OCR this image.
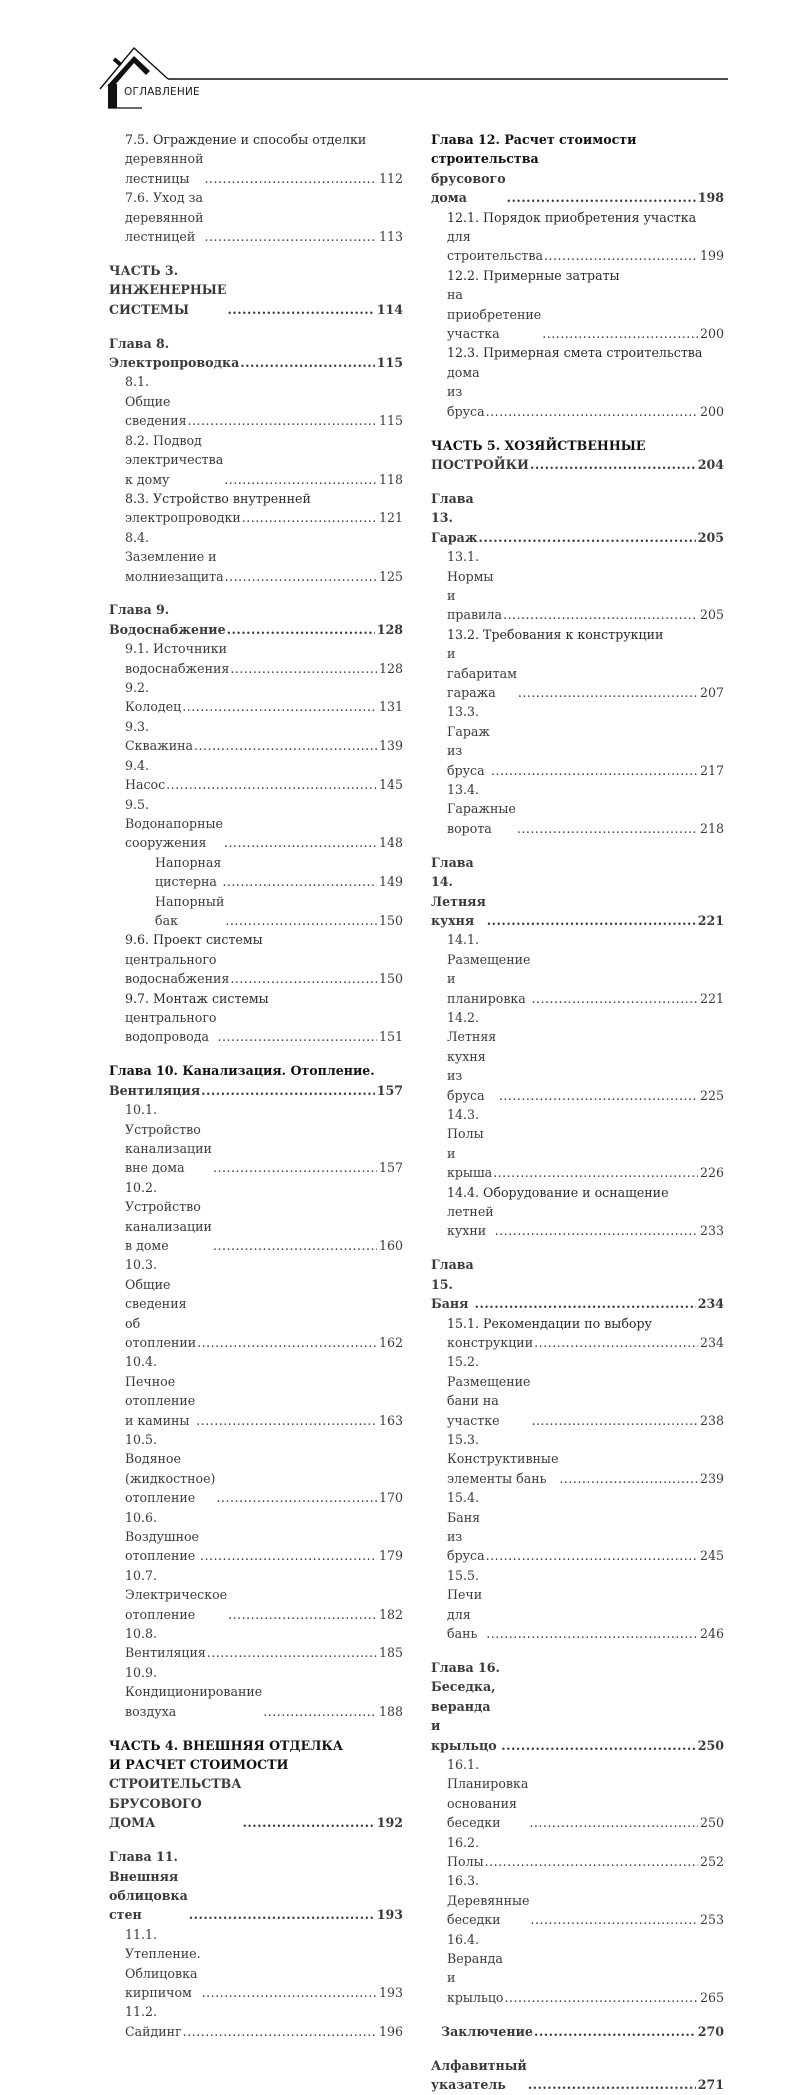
ОГЛАВЛЕНИЕ
7.5. Ограждение и способы отделки
деревянной лестницы .....	112
7.6. Уход за деревянной лестницей .....	113
ЧАСТЬ 3. ИНЖЕНЕРНЫЕ СИСТЕМЫ .....	114
Глава 8. Электропроводка .....	115
8.1. Общие сведения .....	115
8.2. Подвод электричества к дому .....	118
8.3. Устройство внутренней
электропроводки .....	121
8.4. Заземление и молниезащита .....	125
Глава 9. Водоснабжение .....	128
9.1. Источники водоснабжения .....	128
9.2. Колодец .....	131
9.3. Скважина .....	139
9.4. Насос .....	145
9.5. Водонапорные сооружения .....	148
Напорная цистерна .....	149
Напорный бак .....	150
9.6. Проект системы
центрального водоснабжения .....	150
9.7. Монтаж системы
центрального водопровода .....	151
Глава 10. Канализация. Отопление.
Вентиляция .....	157
10.1. Устройство канализации вне дома .....	157
10.2. Устройство канализации в доме .....	160
10.3. Общие сведения об отоплении .....	162
10.4. Печное отопление и камины .....	163
10.5. Водяное (жидкостное) отопление .....	170
10.6. Воздушное отопление .....	179
10.7. Электрическое отопление .....	182
10.8. Вентиляция .....	185
10.9. Кондиционирование воздуха .....	188
ЧАСТЬ 4. ВНЕШНЯЯ ОТДЕЛКА
И РАСЧЕТ СТОИМОСТИ
СТРОИТЕЛЬСТВА БРУСОВОГО ДОМА .....	192
Глава 11. Внешняя облицовка стен .....	193
11.1. Утепление. Облицовка кирпичом .....	193
11.2. Сайдинг .....	196
Глава 12. Расчет стоимости строительства
брусового дома .....	198
12.1. Порядок приобретения участка
для строительства .....	199
12.2. Примерные затраты
на приобретение участка .....	200
12.3. Примерная смета строительства
дома из бруса .....	200
ЧАСТЬ 5. ХОЗЯЙСТВЕННЫЕ
ПОСТРОЙКИ .....	204
Глава 13. Гараж .....	205
13.1. Нормы и правила .....	205
13.2. Требования к конструкции
и габаритам гаража .....	207
13.3. Гараж из бруса .....	217
13.4. Гаражные ворота .....	218
Глава 14. Летняя кухня .....	221
14.1. Размещение и планировка .....	221
14.2. Летняя кухня из бруса .....	225
14.3. Полы и крыша .....	226
14.4. Оборудование и оснащение
летней кухни .....	233
Глава 15. Баня .....	234
15.1. Рекомендации по выбору
конструкции .....	234
15.2. Размещение бани на участке .....	238
15.3. Конструктивные элементы бань .....	239
15.4. Баня из бруса .....	245
15.5. Печи для бань .....	246
Глава 16. Беседка, веранда и крыльцо .....	250
16.1. Планировка основания беседки .....	250
16.2. Полы .....	252
16.3. Деревянные беседки .....	253
16.4. Веранда и крыльцо .....	265
Заключение .....	270
Алфавитный указатель .....	271
